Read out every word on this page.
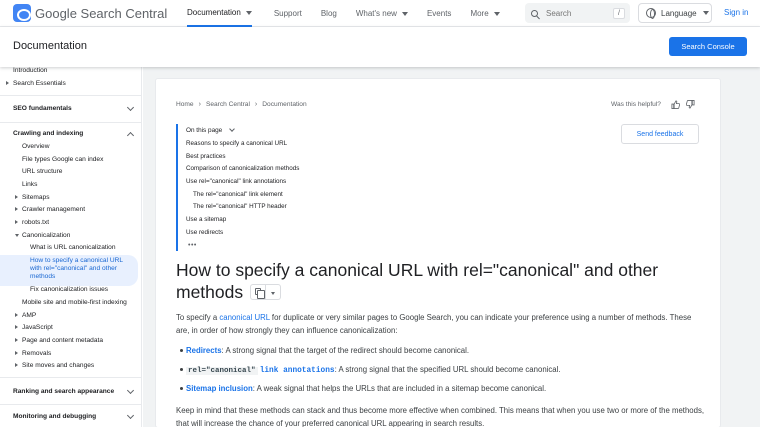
Google Search Central Documentation	Support Blog What's new	Events More
Search	/	Language	Sign in
Documentation	Search Console
Introduction
Search Essentials
SEO fundamentals
Crawling and indexing
Overview
File types Google can index
URL structure
Links
Sitemaps
Crawler management
robots.txt
Canonicalization
What is URL canonicalization
How to specify a canonical URL with rel="canonical" and other methods
Fix canonicalization issues
Mobile site and mobile-first indexing
AMP
JavaScript
Page and content metadata
Removals
Site moves and changes
Ranking and search appearance
Monitoring and debugging
Home › Search Central › Documentation	Was this helpful?
Send feedback
On this page
Reasons to specify a canonical URL
Best practices
Comparison of canonicalization methods
Use rel="canonical" link annotations
The rel="canonical" link element
The rel="canonical" HTTP header
Use a sitemap
Use redirects
•••
How to specify a canonical URL with rel="canonical" and other methods
To specify a canonical URL for duplicate or very similar pages to Google Search, you can indicate your preference using a number of methods. These are, in order of how strongly they can influence canonicalization:
Redirects: A strong signal that the target of the redirect should become canonical.
rel="canonical" link annotations: A strong signal that the specified URL should become canonical.
Sitemap inclusion: A weak signal that helps the URLs that are included in a sitemap become canonical.
Keep in mind that these methods can stack and thus become more effective when combined. This means that when you use two or more of the methods, that will increase the chance of your preferred canonical URL appearing in search results.
